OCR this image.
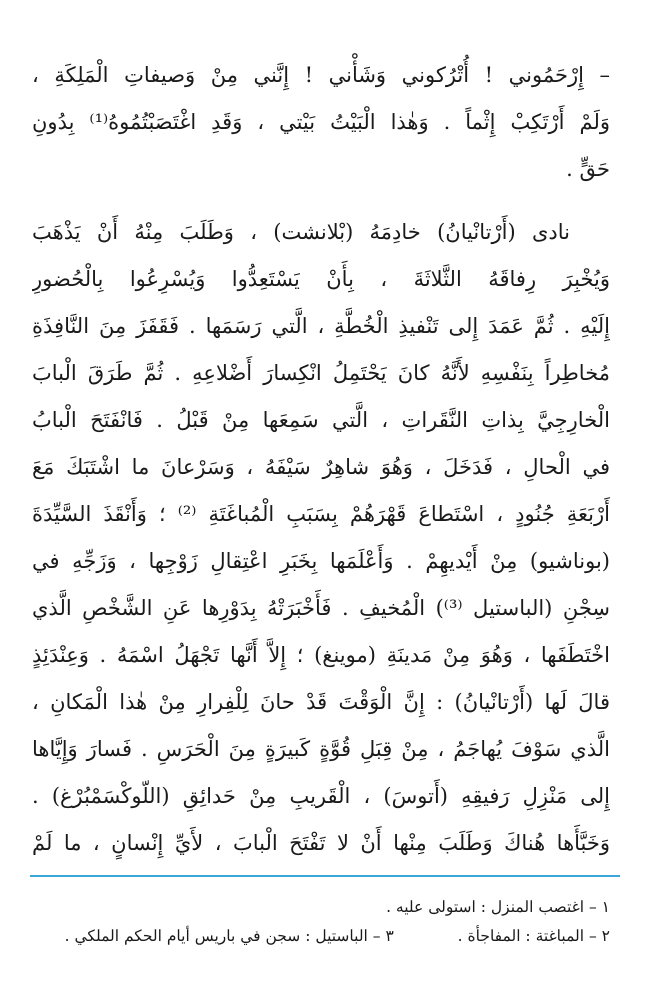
– إِرْحَمُوني ! أُتْرُكوني وَشَأْني ! إِنَّني مِنْ وَصيفاتِ الْمَلِكَةِ ،
وَلَمْ أَرْتَكِبْ إِثْماً . وَهٰذا الْبَيْتُ بَيْتي ، وَقَدِ اغْتَصَبْتُمُوهُ⁽¹⁾ بِدُونِ
حَقٍّ .
نادى (أَرْتانْيانُ) خادِمَهُ (بْلانشت) ، وَطَلَبَ مِنْهُ أَنْ يَذْهَبَ
وَيُخْبِرَ رِفاقَهُ الثَّلاثَةَ ، بِأَنْ يَسْتَعِدُّوا وَيُسْرِعُوا بِالْحُضورِ
إِلَيْهِ . ثُمَّ عَمَدَ إِلى تَنْفيذِ الْخُطَّةِ ، الَّتي رَسَمَها . فَقَفَزَ مِنَ النَّافِذَةِ
مُخاطِراً بِنَفْسِهِ لأَنَّهُ كانَ يَحْتَمِلُ انْكِسارَ أَضْلاعِهِ . ثُمَّ طَرَقَ الْبابَ
الْخارِجِيَّ بِذاتِ النَّقَراتِ ، الَّتي سَمِعَها مِنْ قَبْلُ . فَانْفَتَحَ الْبابُ
في الْحالِ ، فَدَخَلَ ، وَهُوَ شاهِرٌ سَيْفَهُ ، وَسَرْعانَ ما اشْتَبَكَ مَعَ
أَرْبَعَةِ جُنُودٍ ، اسْتَطاعَ قَهْرَهُمْ بِسَبَبِ الْمُباغَتَةِ ⁽²⁾ ؛ وَأَنْقَذَ السَّيِّدَةَ
(بوناشيو) مِنْ أَيْديهِمْ . وَأَعْلَمَها بِخَبَرِ اعْتِقالِ زَوْجِها ، وَزَجِّهِ في
سِجْنِ (الباستيل ⁽³⁾) الْمُخيفِ . فَأَخْبَرَتْهُ بِدَوْرِها عَنِ الشَّخْصِ الَّذي
اخْتَطَفَها ، وَهُوَ مِنْ مَدينَةِ (موينغ) ؛ إِلاَّ أَنَّها تَجْهَلُ اسْمَهُ . وَعِنْدَئِذٍ
قالَ لَها (أَرْتانْيانُ) : إِنَّ الْوَقْتَ قَدْ حانَ لِلْفِرارِ مِنْ هٰذا الْمَكانِ ،
الَّذي سَوْفَ يُهاجَمُ ، مِنْ قِبَلِ قُوَّةٍ كَبيرَةٍ مِنَ الْحَرَسِ . فَسارَ وَإِيَّاها
إِلى مَنْزِلِ رَفيقِهِ (أَتوسَ) ، الْقَريبِ مِنْ حَدائِقِ (اللّوكْسَمْبُرْغ) .
وَخَبَّأَها هُناكَ وَطَلَبَ مِنْها أَنْ لا تَفْتَحَ الْبابَ ، لأَيِّ إِنْسانٍ ، ما لَمْ
١ – اغتصب المنزل : استولى عليه .
٢ – المباغتة : المفاجأة .  ٣ – الباستيل : سجن في باريس أيام الحكم الملكي .
